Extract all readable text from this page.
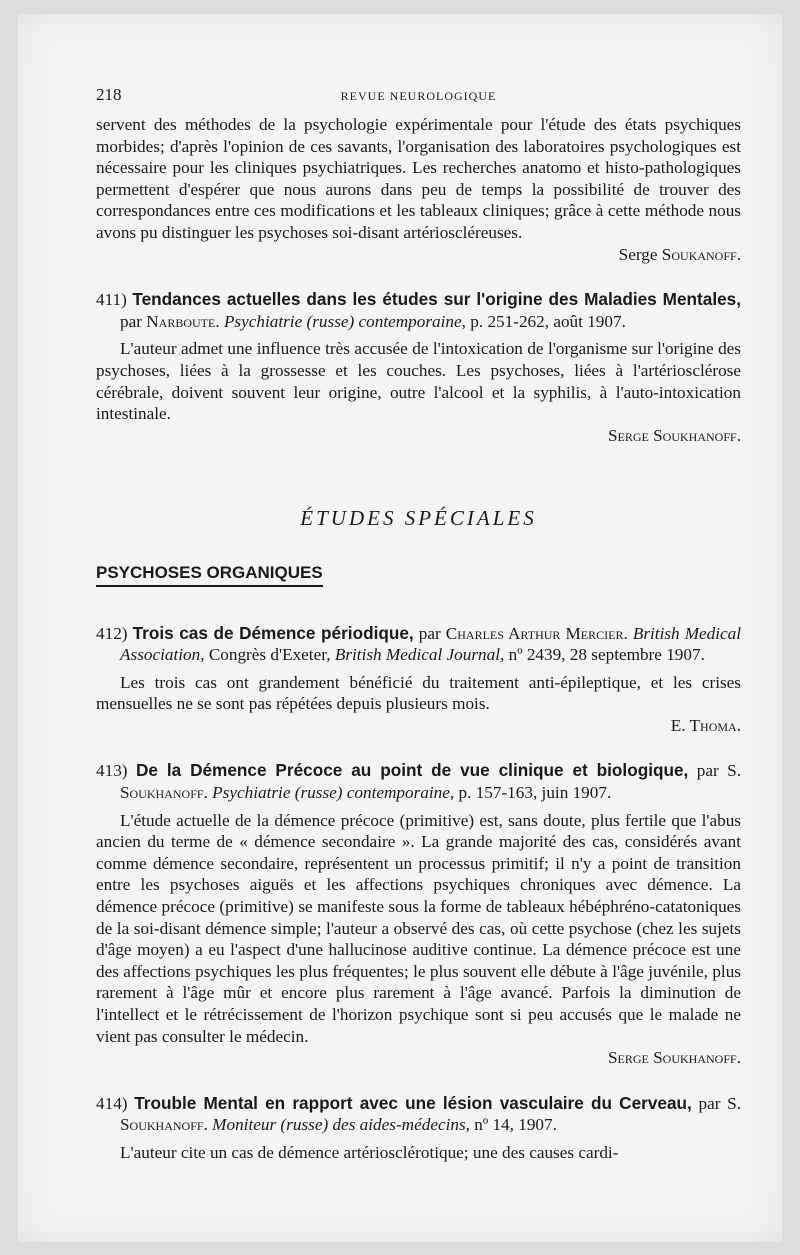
218	REVUE NEUROLOGIQUE

servent des méthodes de la psychologie expérimentale pour l'étude des états psychiques morbides; d'après l'opinion de ces savants, l'organisation des laboratoires psychologiques est nécessaire pour les cliniques psychiatriques. Les recherches anatomo et histo-pathologiques permettent d'espérer que nous aurons dans peu de temps la possibilité de trouver des correspondances entre ces modifications et les tableaux cliniques; grâce à cette méthode nous avons pu distinguer les psychoses soi-disant artérioscléreuses.

Serge Soukanoff.

411) Tendances actuelles dans les études sur l'origine des Maladies Mentales, par Narboute. Psychiatrie (russe) contemporaine, p. 251-262, août 1907.

L'auteur admet une influence très accusée de l'intoxication de l'organisme sur l'origine des psychoses, liées à la grossesse et les couches. Les psychoses, liées à l'artériosclérose cérébrale, doivent souvent leur origine, outre l'alcool et la syphilis, à l'auto-intoxication intestinale.

Serge Soukhanoff.

ÉTUDES SPÉCIALES
PSYCHOSES ORGANIQUES

412) Trois cas de Démence périodique, par Charles Arthur Mercier. British Medical Association, Congrès d'Exeter, British Medical Journal, nº 2439, 28 septembre 1907.

Les trois cas ont grandement bénéficié du traitement anti-épileptique, et les crises mensuelles ne se sont pas répétées depuis plusieurs mois.

E. Thoma.

413) De la Démence Précoce au point de vue clinique et biologique, par S. Soukhanoff. Psychiatrie (russe) contemporaine, p. 157-163, juin 1907.

L'étude actuelle de la démence précoce (primitive) est, sans doute, plus fertile que l'abus ancien du terme de « démence secondaire ». La grande majorité des cas, considérés avant comme démence secondaire, représentent un processus primitif; il n'y a point de transition entre les psychoses aiguës et les affections psychiques chroniques avec démence. La démence précoce (primitive) se manifeste sous la forme de tableaux hébéphréno-catatoniques de la soi-disant démence simple; l'auteur a observé des cas, où cette psychose (chez les sujets d'âge moyen) a eu l'aspect d'une hallucinose auditive continue. La démence précoce est une des affections psychiques les plus fréquentes; le plus souvent elle débute à l'âge juvénile, plus rarement à l'âge mûr et encore plus rarement à l'âge avancé. Parfois la diminution de l'intellect et le rétrécissement de l'horizon psychique sont si peu accusés que le malade ne vient pas consulter le médecin.

Serge Soukhanoff.

414) Trouble Mental en rapport avec une lésion vasculaire du Cerveau, par S. Soukhanoff. Moniteur (russe) des aides-médecins, nº 14, 1907.

L'auteur cite un cas de démence artériosclérotique; une des causes cardi-
